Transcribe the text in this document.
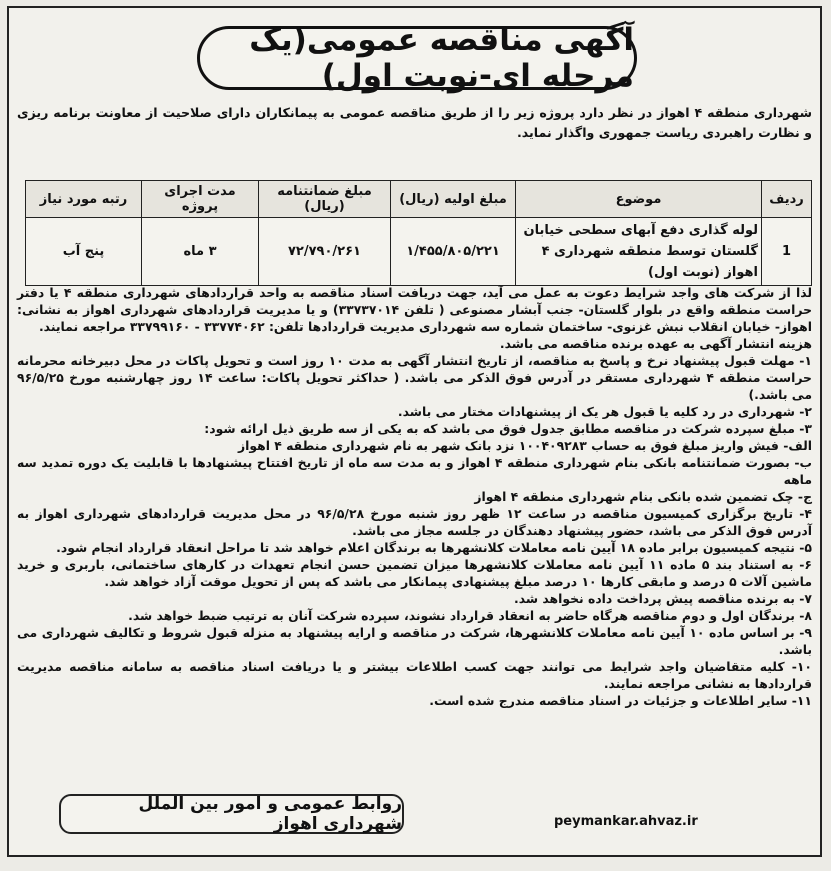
آگهی مناقصه عمومی(یک مرحله ای-نوبت اول)
شهرداری منطقه ۴ اهواز در نظر دارد پروژه زیر را از طریق مناقصه عمومی به پیمانکاران دارای صلاحیت از معاونت برنامه ریزی و نظارت راهبردی ریاست جمهوری واگذار نماید.
ردیف	موضوع	مبلغ اولیه (ریال)	مبلغ ضمانتنامه (ریال)	مدت اجرای پروژه	رتبه مورد نیاز
1	لوله گذاری دفع آبهای سطحی خیابان گلستان توسط منطقه شهرداری ۴ اهواز (نوبت اول)	۱/۴۵۵/۸۰۵/۲۲۱	۷۲/۷۹۰/۲۶۱	۳ ماه	پنج آب

لذا از شرکت های واجد شرایط دعوت به عمل می آید، جهت دریافت اسناد مناقصه به واحد قراردادهای شهرداری منطقه ۴ یا دفتر حراست منطقه واقع در بلوار گلستان- جنب آبشار مصنوعی ( تلفن ۳۳۷۳۷۰۱۴) و یا مدیریت قراردادهای شهرداری اهواز به نشانی: اهواز- خیابان انقلاب نبش غزنوی- ساختمان شماره سه شهرداری مدیریت قراردادها تلفن: ۳۳۷۷۴۰۶۲ - ۳۳۷۹۹۱۶۰ مراجعه نمایند.

هزینه انتشار آگهی به عهده برنده مناقصه می باشد.

۱- مهلت قبول پیشنهاد نرخ و پاسخ به مناقصه، از تاریخ انتشار آگهی به مدت ۱۰ روز است و تحویل پاکات در محل دبیرخانه محرمانه حراست منطقه ۴ شهرداری مستقر در آدرس فوق الذکر می باشد. ( حداکثر تحویل پاکات: ساعت ۱۴ روز چهارشنبه مورخ ۹۶/۵/۲۵ می باشد.)

۲- شهرداری در رد کلیه یا قبول هر یک از پیشنهادات مختار می باشد.

۳- مبلغ سپرده شرکت در مناقصه مطابق جدول فوق می باشد که به یکی از سه طریق ذیل ارائه شود:

الف- فیش واریز مبلغ فوق به حساب ۱۰۰۴۰۹۲۸۳ نزد بانک شهر به نام شهرداری منطقه ۴ اهواز

ب- بصورت ضمانتنامه بانکی بنام شهرداری منطقه ۴ اهواز و به مدت سه ماه از تاریخ افتتاح پیشنهادها با قابلیت یک دوره تمدید سه ماهه

ج- چک تضمین شده بانکی بنام شهرداری منطقه ۴ اهواز

۴- تاریخ برگزاری کمیسیون مناقصه در ساعت ۱۲ ظهر روز شنبه مورخ ۹۶/۵/۲۸ در محل مدیریت قراردادهای شهرداری اهواز به آدرس فوق الذکر می باشد، حضور پیشنهاد دهندگان در جلسه مجاز می باشد.

۵- نتیجه کمیسیون برابر ماده ۱۸ آیین نامه معاملات کلانشهرها به برندگان اعلام خواهد شد تا مراحل انعقاد قرارداد انجام شود.

۶- به استناد بند ۵ ماده ۱۱ آیین نامه معاملات کلانشهرها میزان تضمین حسن انجام تعهدات در کارهای ساختمانی، باربری و خرید ماشین آلات ۵ درصد و مابقی کارها ۱۰ درصد مبلغ پیشنهادی پیمانکار می باشد که پس از تحویل موقت آزاد خواهد شد.

۷- به برنده مناقصه پیش پرداخت داده نخواهد شد.

۸- برندگان اول و دوم مناقصه هرگاه حاضر به انعقاد قرارداد نشوند، سپرده شرکت آنان به ترتیب ضبط خواهد شد.

۹- بر اساس ماده ۱۰ آیین نامه معاملات کلانشهرها، شرکت در مناقصه و ارایه پیشنهاد به منزله قبول شروط و تکالیف شهرداری می باشد.

۱۰- کلیه متقاضیان واجد شرایط می توانند جهت کسب اطلاعات بیشتر و یا دریافت اسناد مناقصه به سامانه مناقصه مدیریت قراردادها به نشانی مراجعه نمایند.

۱۱- سایر اطلاعات و جزئیات در اسناد مناقصه مندرج شده است.

peymankar.ahvaz.ir
روابط عمومی و امور بین الملل شهرداری اهواز
